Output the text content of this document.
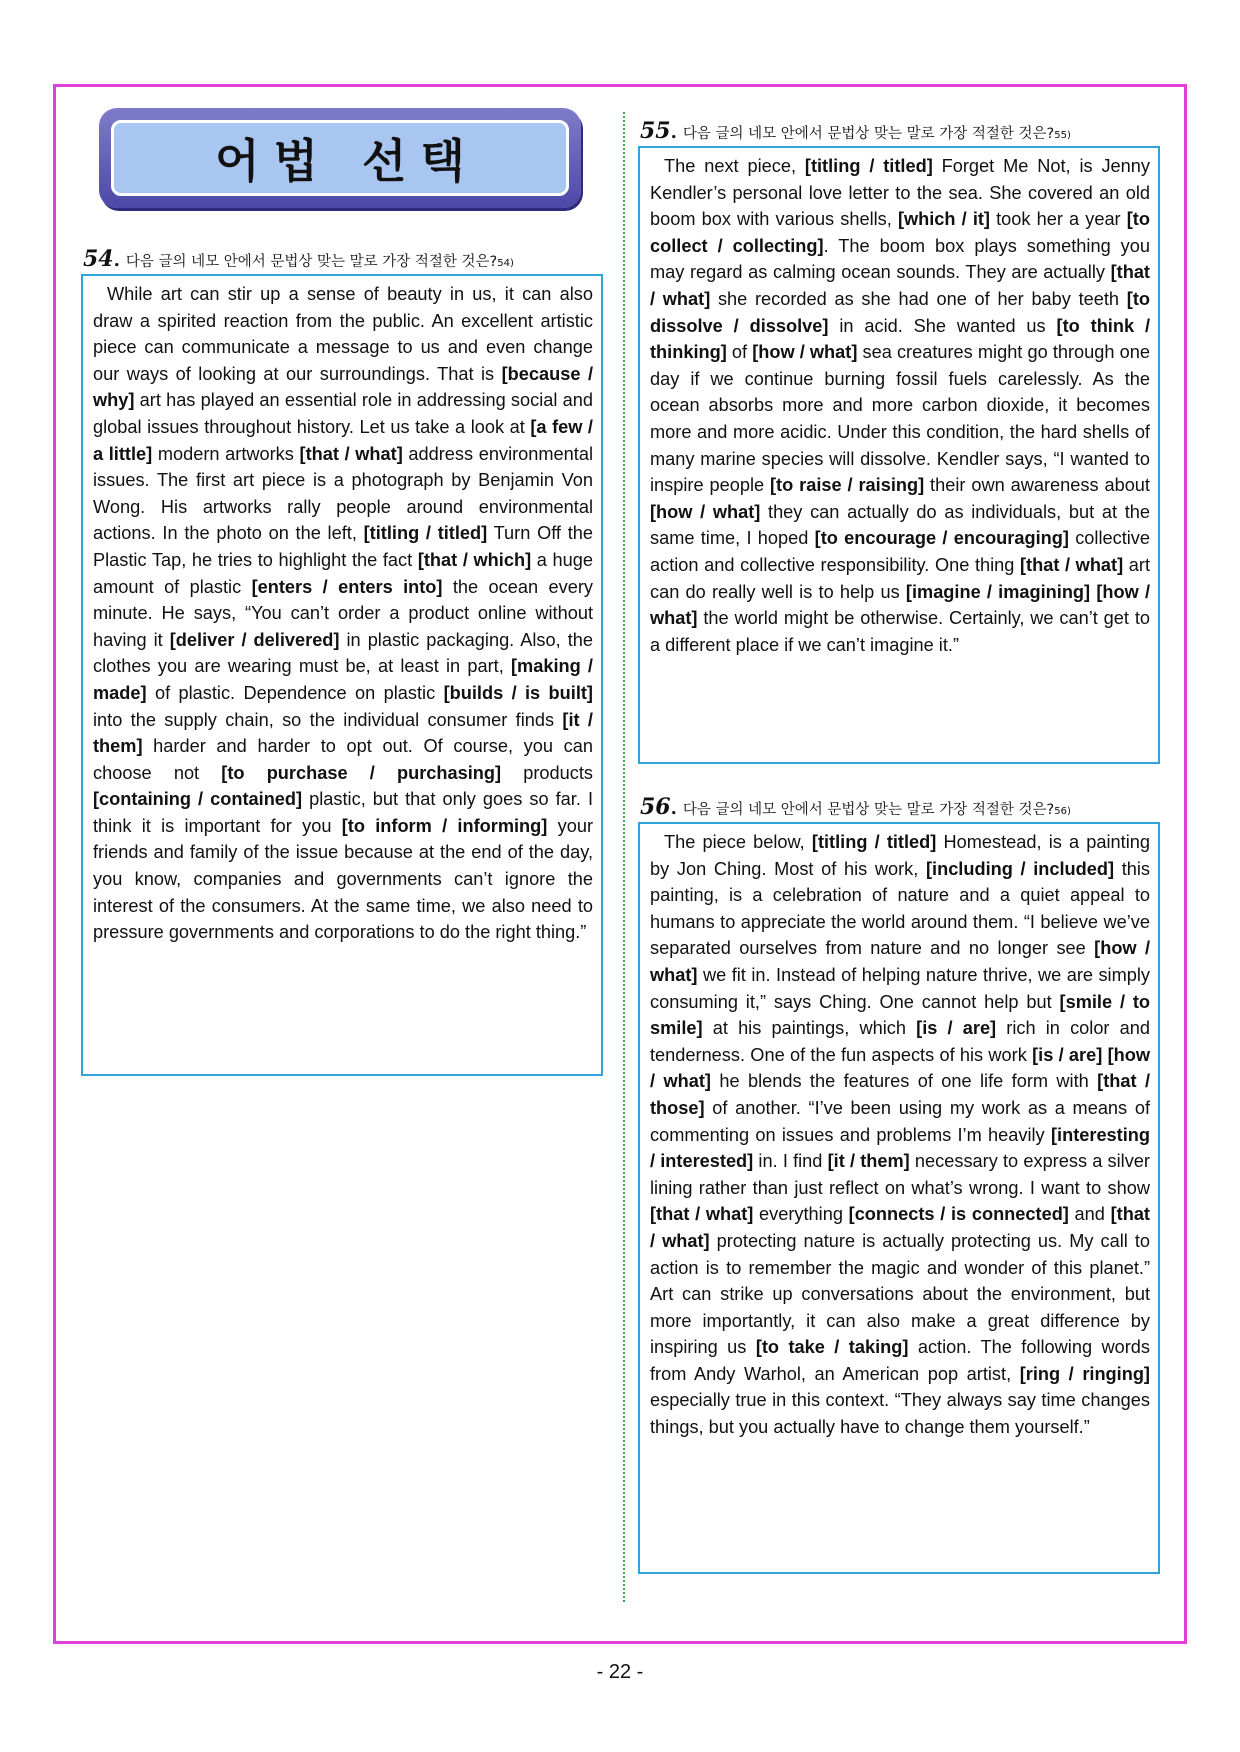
어법 선택
54 . 다음 글의 네모 안에서 문법상 맞는 말로 가장 적절한 것은? 54)

While art can stir up a sense of beauty in us, it can also draw a spirited reaction from the public. An excellent artistic piece can communicate a message to us and even change our ways of looking at our surroundings. That is [because / why] art has played an essential role in addressing social and global issues throughout history. Let us take a look at [a few / a little] modern artworks [that / what] address environmental issues. The first art piece is a photograph by Benjamin Von Wong. His artworks rally people around environmental actions. In the photo on the left, [titling / titled] Turn Off the Plastic Tap, he tries to highlight the fact [that / which] a huge amount of plastic [enters / enters into] the ocean every minute. He says, “You can’t order a product online without having it [deliver / delivered] in plastic packaging. Also, the clothes you are wearing must be, at least in part, [making / made] of plastic. Dependence on plastic [builds / is built] into the supply chain, so the individual consumer finds [it / them] harder and harder to opt out. Of course, you can choose not [to purchase / purchasing] products [containing / contained] plastic, but that only goes so far. I think it is important for you [to inform / informing] your friends and family of the issue because at the end of the day, you know, companies and governments can’t ignore the interest of the consumers. At the same time, we also need to pressure governments and corporations to do the right thing.”

55 . 다음 글의 네모 안에서 문법상 맞는 말로 가장 적절한 것은? 55)

The next piece, [titling / titled] Forget Me Not, is Jenny Kendler’s personal love letter to the sea. She covered an old boom box with various shells, [which / it] took her a year [to collect / collecting]. The boom box plays something you may regard as calming ocean sounds. They are actually [that / what] she recorded as she had one of her baby teeth [to dissolve / dissolve] in acid. She wanted us [to think / thinking] of [how / what] sea creatures might go through one day if we continue burning fossil fuels carelessly. As the ocean absorbs more and more carbon dioxide, it becomes more and more acidic. Under this condition, the hard shells of many marine species will dissolve. Kendler says, “I wanted to inspire people [to raise / raising] their own awareness about [how / what] they can actually do as individuals, but at the same time, I hoped [to encourage / encouraging] collective action and collective responsibility. One thing [that / what] art can do really well is to help us [imagine / imagining] [how / what] the world might be otherwise. Certainly, we can’t get to a different place if we can’t imagine it.”

56 . 다음 글의 네모 안에서 문법상 맞는 말로 가장 적절한 것은? 56)

The piece below, [titling / titled] Homestead, is a painting by Jon Ching. Most of his work, [including / included] this painting, is a celebration of nature and a quiet appeal to humans to appreciate the world around them. “I believe we’ve separated ourselves from nature and no longer see [how / what] we fit in. Instead of helping nature thrive, we are simply consuming it,” says Ching. One cannot help but [smile / to smile] at his paintings, which [is / are] rich in color and tenderness. One of the fun aspects of his work [is / are] [how / what] he blends the features of one life form with [that / those] of another. “I’ve been using my work as a means of commenting on issues and problems I’m heavily [interesting / interested] in. I find [it / them] necessary to express a silver lining rather than just reflect on what’s wrong. I want to show [that / what] everything [connects / is connected] and [that / what] protecting nature is actually protecting us. My call to action is to remember the magic and wonder of this planet.” Art can strike up conversations about the environment, but more importantly, it can also make a great difference by inspiring us [to take / taking] action. The following words from Andy Warhol, an American pop artist, [ring / ringing] especially true in this context. “They always say time changes things, but you actually have to change them yourself.”

- 22 -
